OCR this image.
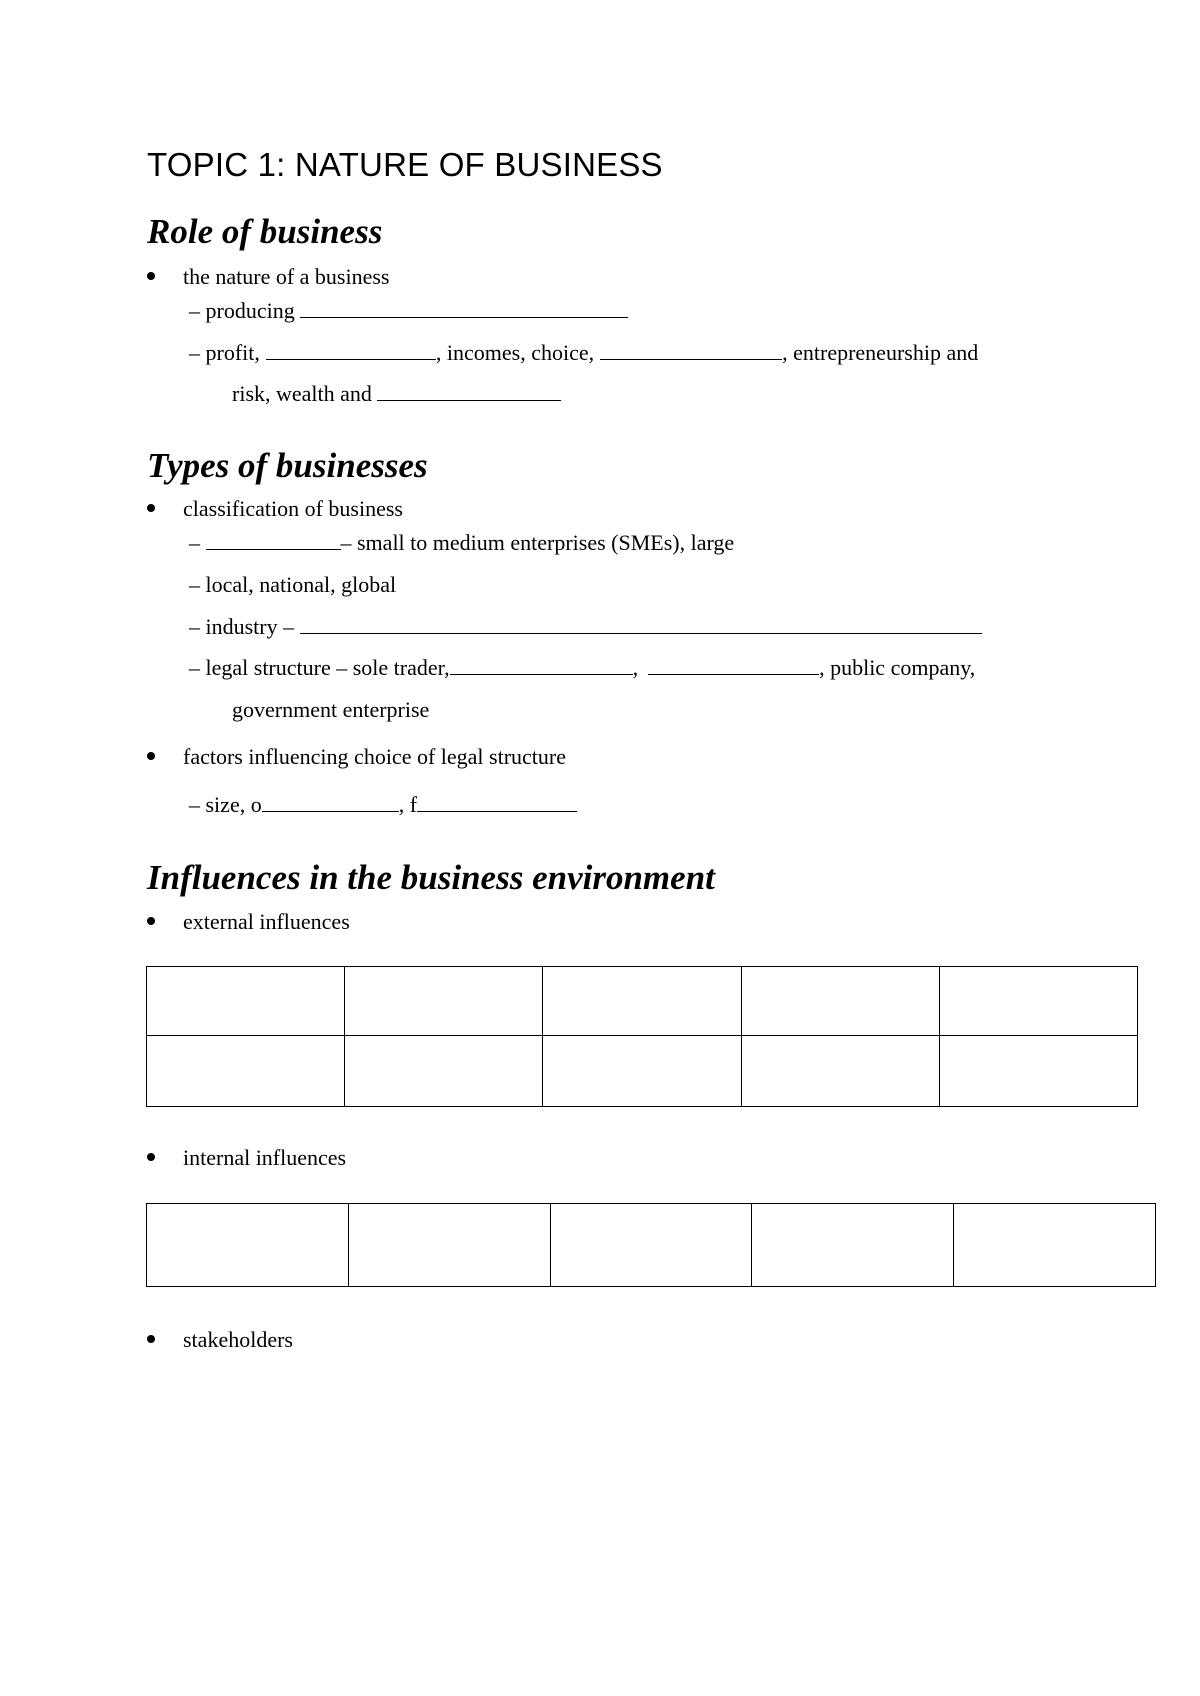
TOPIC 1: NATURE OF BUSINESS
Role of business
the nature of a business
– producing
– profit,	, incomes, choice,	, entrepreneurship and
risk, wealth and
Types of businesses
classification of business
–	– small to medium enterprises (SMEs), large
– local, national, global
– industry –
– legal structure – sole trader,	,	, public company,
government enterprise
factors influencing choice of legal structure
– size, o	, f
Influences in the business environment
external influences

internal influences

stakeholders
